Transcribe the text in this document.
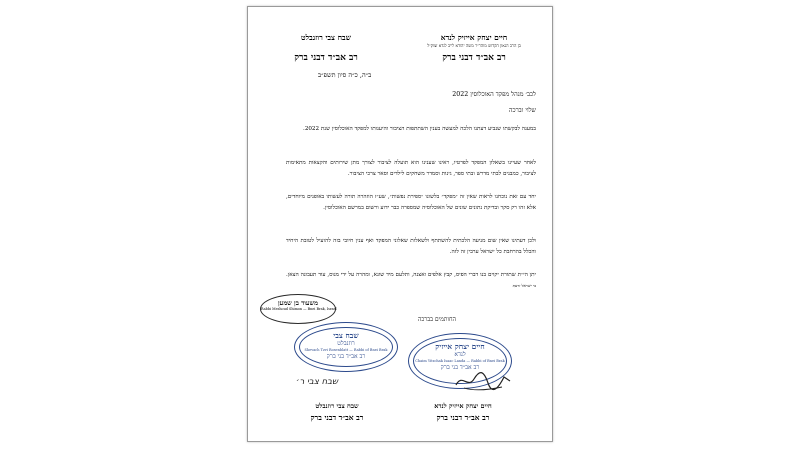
חיים יצחק אייזיק לנדא
בן הרב הגאון הקדוש מוהר״ר משה יהודא לייב לנדא זצוק״ל
רב אב״ד דבני ברק
שבח צבי רוזנבלט
רב אב״ד דבני ברק
ב״ה, כ״ה סיון תשפ״ב
לכב׳ מנהל מפקד האוכלוסין 2022
שלוי וברכה
במענה לבקשתו שנביע דעתנו הלכה למעשה בענין השתתפות הציבור והיענותו למפקד האוכלוסין שנת 2022.
לאחר שעיינו בשאלון המפקד לפרטיו, ראינו שענינו הוא תועלה לציבור לצורך מתן שירותים והקצאות מתאימות לציבור, כמבנים לבתי מדרש ובתי ספר, גינות וסמדר משחקים לילדים וסאר צרכי הציבור.
יחד עם זאת נוכחנו לראות שאין זה ״מפקד״ בלשונו ״ספירת נפשות״, שע״ז הוזהרה תורה לעשותו באופנים מיוחדים, אלא זהו רק סקר ובדיקת נתונים שונים של האוכלוסיה שמספרה כבר ידוע ורשום במרשם האוכלוסין.
ולכן דעתינו שאין שום מניעה הלכתית להשתתף ולשאלות שאלוני המפקד ואף ענין חיובי בזה להועיל לטובת היחיד והכלל בהרחבת כל ישראל ערבין זה לזה.
יתן הי״ת שתורת יקוים בנו דברי הפיס, קבץ אלפים ואצנה, ותלעם מיד שונא, ומהרה על ידי מנוס, עוד תעבונה הצאן. בי ישראל זרעת
החותמים בברכה
משעוד בן שמען
Rabbi Meshoud Shimon — Bnei Brak, Israel
שבח צבי
רוזנבלט
Shevach Tzvi Rosenblatt — Rabbi of Bnei Brak
רב אב״ד בני ברק
חיים יצחק אייזיק
לנדא
Chaim Yitzchak Isaac Landa — Rabbi of Bnei Brak
רב אב״ד בני ברק
שבח צבי ר׳
שבח צבי רוזנבלט
רב אב״ד דבני ברק
חיים יצחק אייזיק לנדא
רב אב״ד דבני ברק
